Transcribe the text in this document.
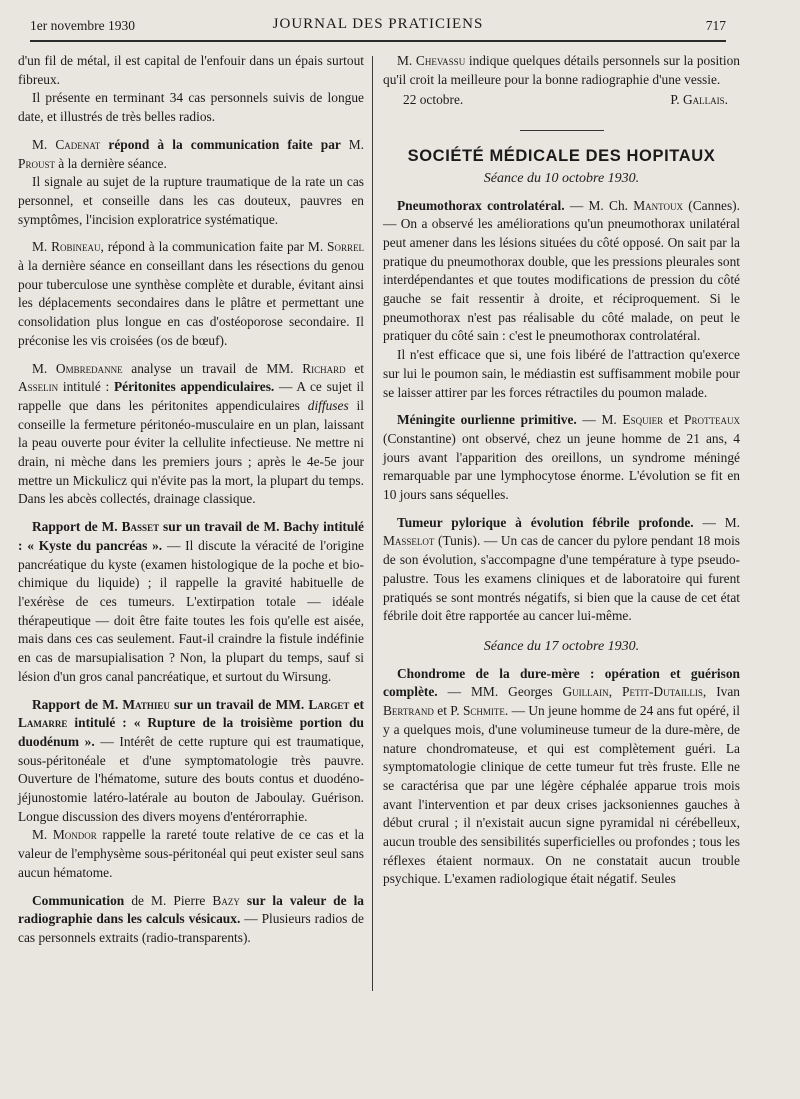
1er novembre 1930	JOURNAL DES PRATICIENS	717

d'un fil de métal, il est capital de l'enfouir dans un épais surtout fibreux.

Il présente en terminant 34 cas personnels suivis de longue date, et illustrés de très belles radios.

M. Cadenat répond à la communication faite par M. Proust à la dernière séance.

Il signale au sujet de la rupture traumatique de la rate un cas personnel, et conseille dans les cas douteux, pauvres en symptômes, l'incision exploratrice systématique.

M. Robineau, répond à la communication faite par M. Sorrel à la dernière séance en conseillant dans les résections du genou pour tuberculose une synthèse complète et durable, évitant ainsi les déplacements secondaires dans le plâtre et permettant une consolidation plus longue en cas d'ostéoporose secondaire. Il préconise les vis croisées (os de bœuf).

M. Ombredanne analyse un travail de MM. Richard et Asselin intitulé : Péritonites appendiculaires. — A ce sujet il rappelle que dans les péritonites appendiculaires diffuses il conseille la fermeture péritonéo-musculaire en un plan, laissant la peau ouverte pour éviter la cellulite infectieuse. Ne mettre ni drain, ni mèche dans les premiers jours ; après le 4e-5e jour mettre un Mickulicz qui n'évite pas la mort, la plupart du temps. Dans les abcès collectés, drainage classique.

Rapport de M. Basset sur un travail de M. Bachy intitulé : « Kyste du pancréas ». — Il discute la véracité de l'origine pancréatique du kyste (examen histologique de la poche et bio-chimique du liquide) ; il rappelle la gravité habituelle de l'exérèse de ces tumeurs. L'extirpation totale — idéale thérapeutique — doit être faite toutes les fois qu'elle est aisée, mais dans ces cas seulement. Faut-il craindre la fistule indéfinie en cas de marsupialisation ? Non, la plupart du temps, sauf si lésion d'un gros canal pancréatique, et surtout du Wirsung.

Rapport de M. Mathieu sur un travail de MM. Larget et Lamarre intitulé : « Rupture de la troisième portion du duodénum ». — Intérêt de cette rupture qui est traumatique, sous-péritonéale et d'une symptomatologie très pauvre. Ouverture de l'hématome, suture des bouts contus et duodéno-jéjunostomie latéro-latérale au bouton de Jaboulay. Guérison. Longue discussion des divers moyens d'entérorraphie.

M. Mondor rappelle la rareté toute relative de ce cas et la valeur de l'emphysème sous-péritonéal qui peut exister seul sans aucun hématome.

Communication de M. Pierre Bazy sur la valeur de la radiographie dans les calculs vésicaux. — Plusieurs radios de cas personnels extraits (radio-transparents).

M. Chevassu indique quelques détails personnels sur la position qu'il croit la meilleure pour la bonne radiographie d'une vessie.

22 octobre.	P. Gallais.
SOCIÉTÉ MÉDICALE DES HOPITAUX
Séance du 10 octobre 1930.

Pneumothorax controlatéral. — M. Ch. Mantoux (Cannes). — On a observé les améliorations qu'un pneumothorax unilatéral peut amener dans les lésions situées du côté opposé. On sait par la pratique du pneumothorax double, que les pressions pleurales sont interdépendantes et que toutes modifications de pression du côté gauche se fait ressentir à droite, et réciproquement. Si le pneumothorax n'est pas réalisable du côté malade, on peut le pratiquer du côté sain : c'est le pneumothorax controlatéral.

Il n'est efficace que si, une fois libéré de l'attraction qu'exerce sur lui le poumon sain, le médiastin est suffisamment mobile pour se laisser attirer par les forces rétractiles du poumon malade.

Méningite ourlienne primitive. — M. Esquier et Protteaux (Constantine) ont observé, chez un jeune homme de 21 ans, 4 jours avant l'apparition des oreillons, un syndrome méningé remarquable par une lymphocytose énorme. L'évolution se fit en 10 jours sans séquelles.

Tumeur pylorique à évolution fébrile profonde. — M. Masselot (Tunis). — Un cas de cancer du pylore pendant 18 mois de son évolution, s'accompagne d'une température à type pseudo-palustre. Tous les examens cliniques et de laboratoire qui furent pratiqués se sont montrés négatifs, si bien que la cause de cet état fébrile doit être rapportée au cancer lui-même.

Séance du 17 octobre 1930.

Chondrome de la dure-mère : opération et guérison complète. — MM. Georges Guillain, Petit-Dutaillis, Ivan Bertrand et P. Schmite. — Un jeune homme de 24 ans fut opéré, il y a quelques mois, d'une volumineuse tumeur de la dure-mère, de nature chondromateuse, et qui est complètement guéri. La symptomatologie clinique de cette tumeur fut très fruste. Elle ne se caractérisa que par une légère céphalée apparue trois mois avant l'intervention et par deux crises jacksoniennes gauches à début crural ; il n'existait aucun signe pyramidal ni cérébelleux, aucun trouble des sensibilités superficielles ou profondes ; tous les réflexes étaient normaux. On ne constatait aucun trouble psychique. L'examen radiologique était négatif. Seules
